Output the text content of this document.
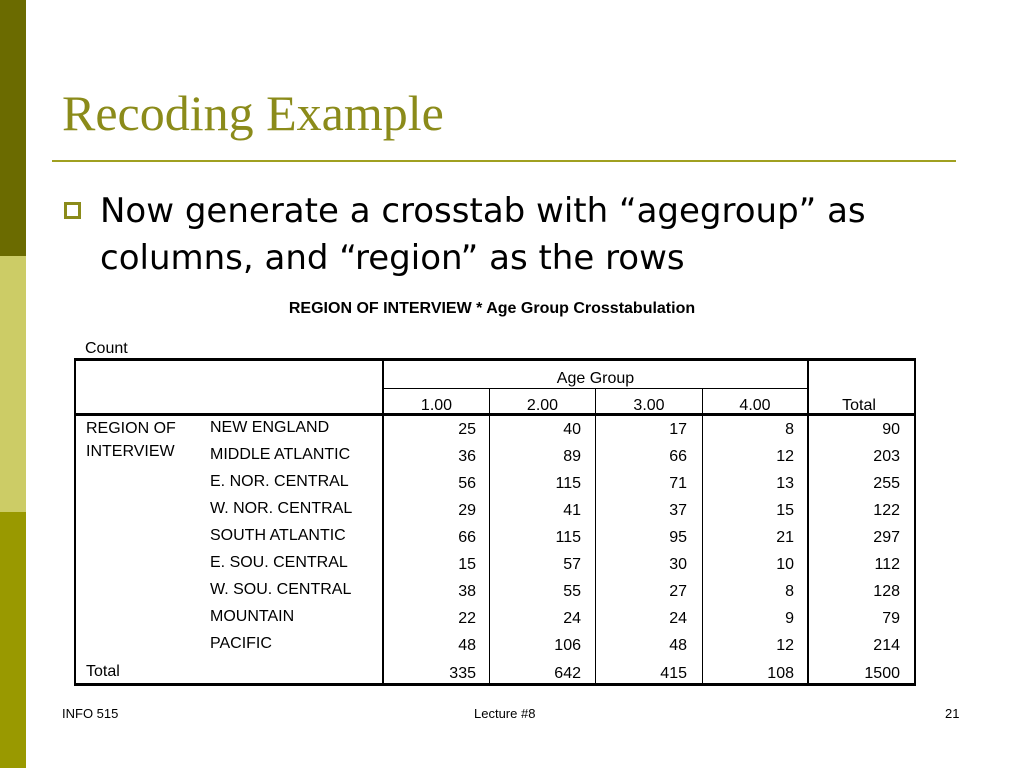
Recoding Example
Now generate a crosstab with “agegroup” as columns, and “region” as the rows
REGION OF INTERVIEW * Age Group Crosstabulation
Count
Age Group
1.00	2.00	3.00	4.00	Total
REGION OF
INTERVIEW
NEW ENGLAND	25	40	17	8	90
MIDDLE ATLANTIC	36	89	66	12	203
E. NOR. CENTRAL	56	115	71	13	255
W. NOR. CENTRAL	29	41	37	15	122
SOUTH ATLANTIC	66	115	95	21	297
E. SOU. CENTRAL	15	57	30	10	112
W. SOU. CENTRAL	38	55	27	8	128
MOUNTAIN	22	24	24	9	79
PACIFIC	48	106	48	12	214
Total	335	642	415	108	1500
INFO 515	Lecture #8	21
